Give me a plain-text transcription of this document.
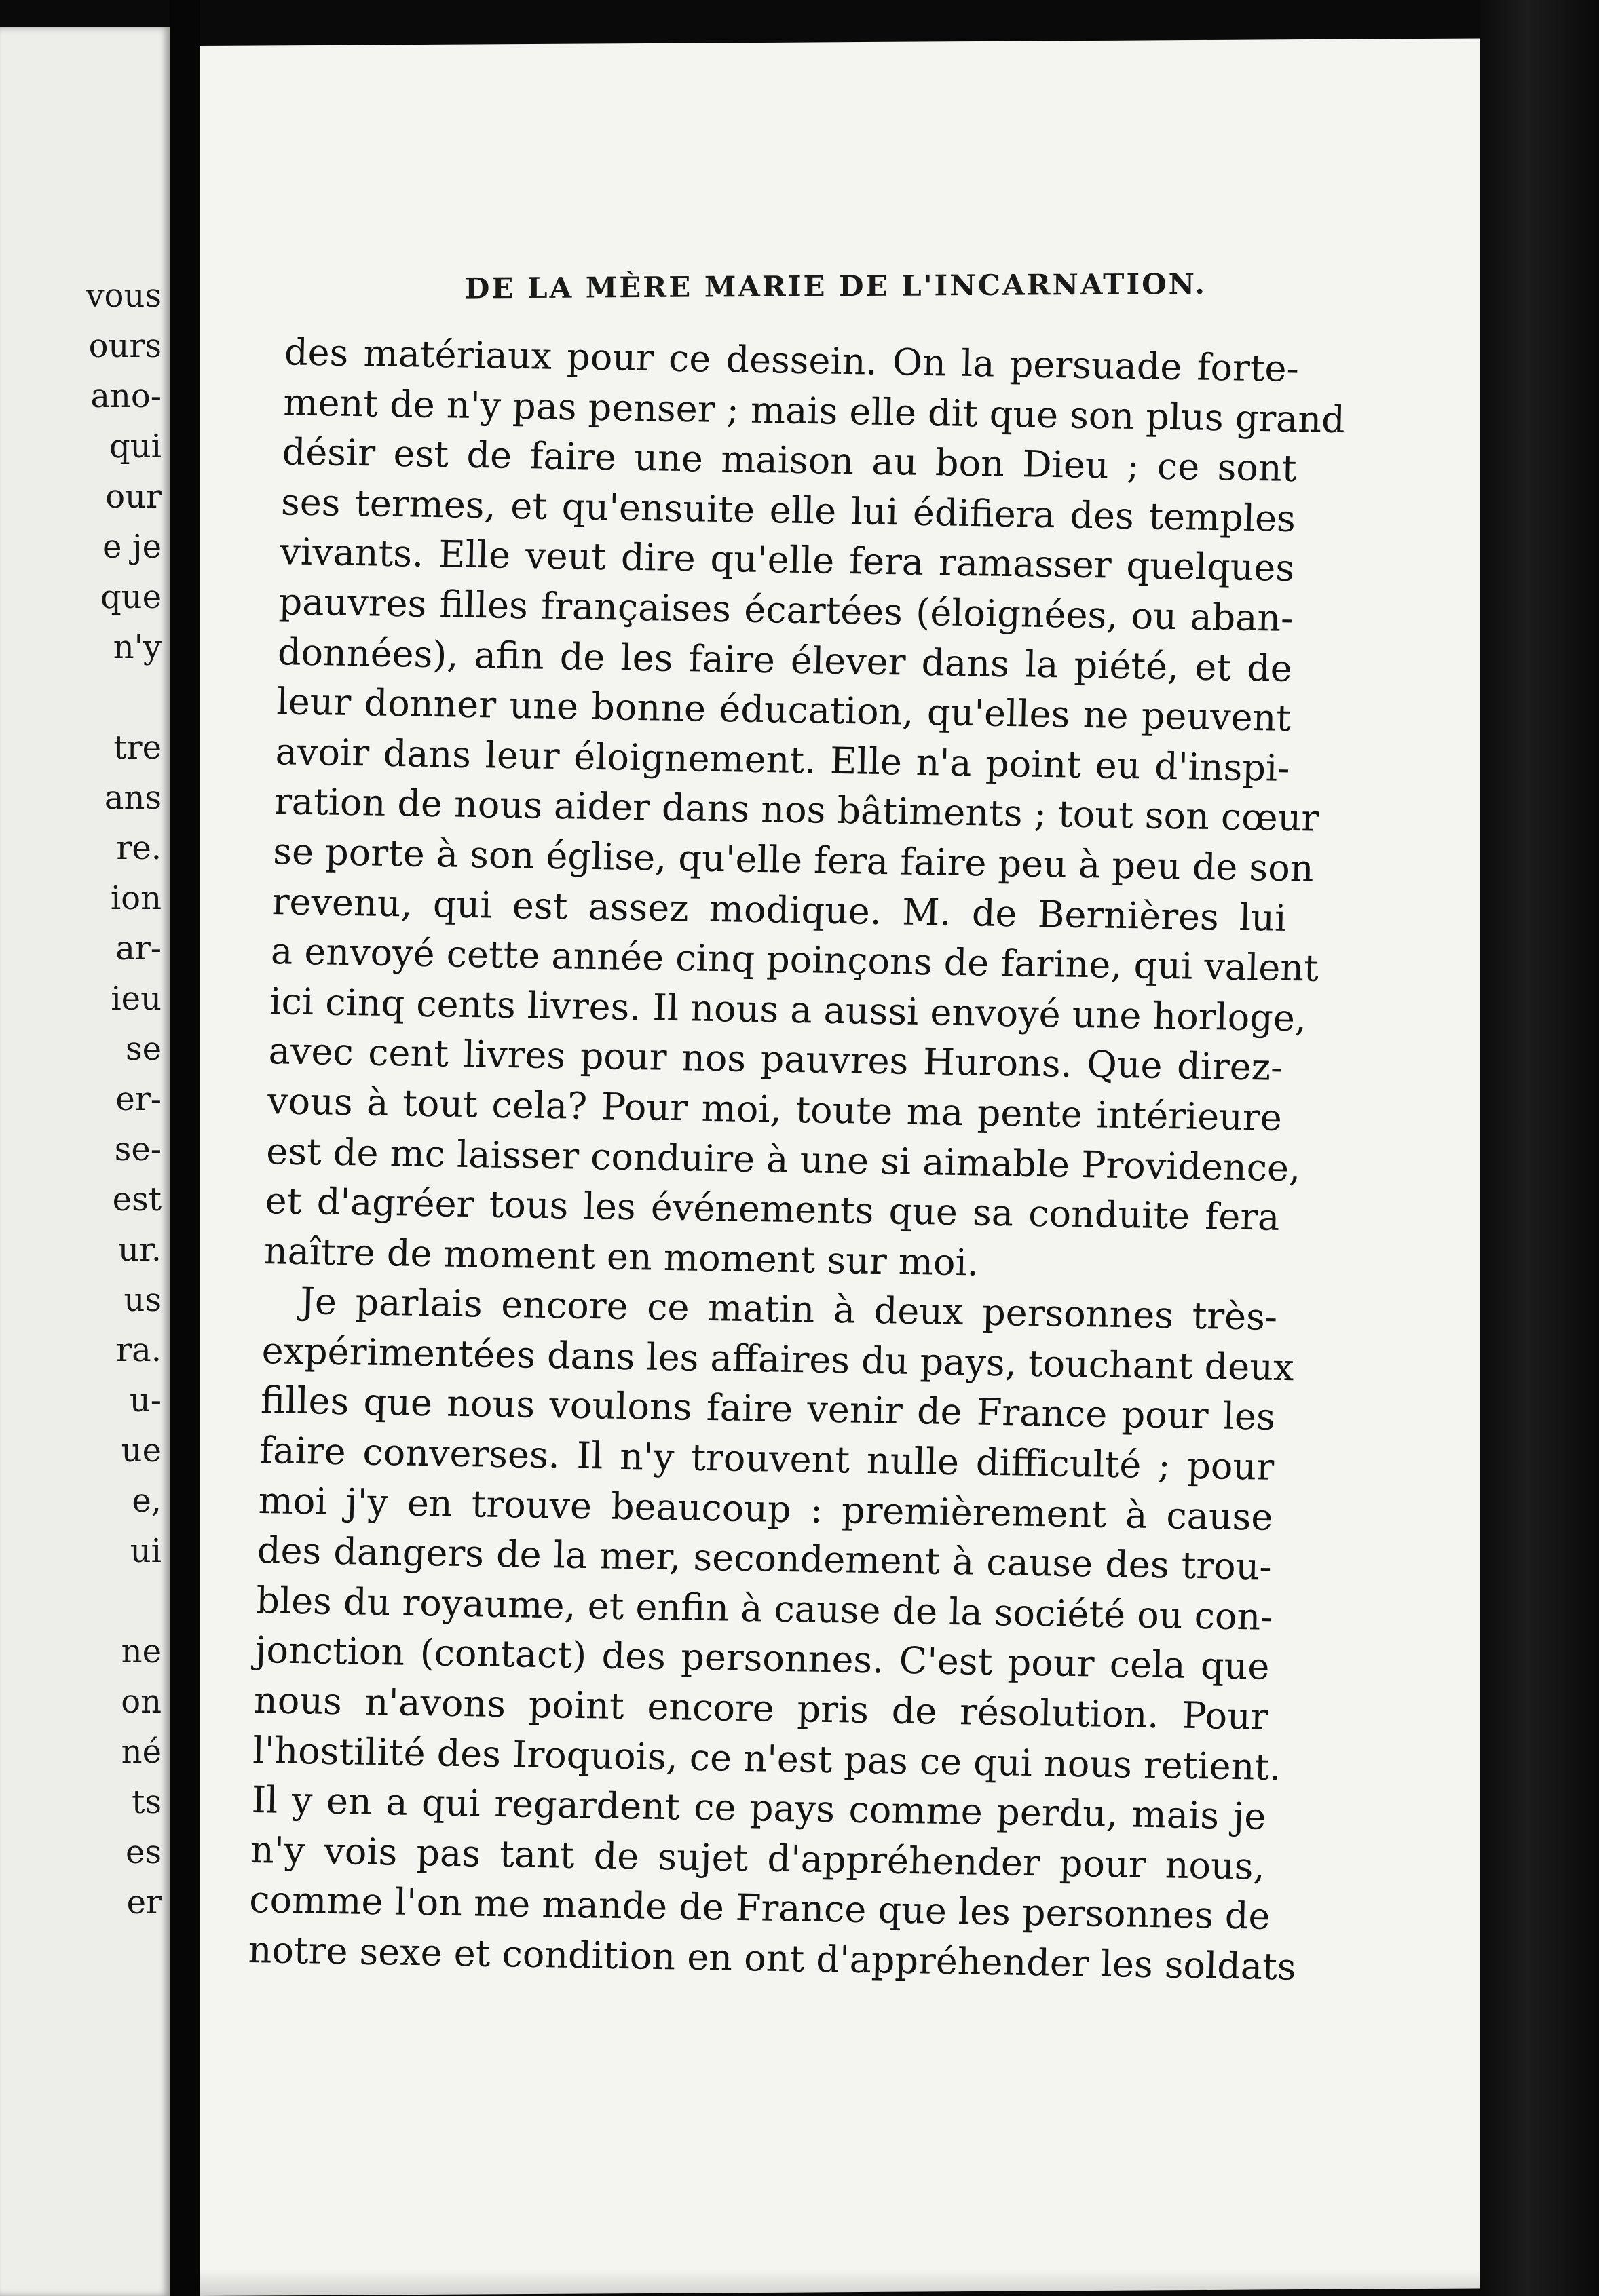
vous
ours
ano-
qui
our
e je
que
n'y
tre
ans
re.
ion
ar-
ieu
se
er-
se-
est
ur.
us
ra.
u-
ue
e,
ui
ne
on
né
ts
es
er
DE LA MÈRE MARIE DE L'INCARNATION.
des matériaux pour ce dessein. On la persuade forte-
ment de n'y pas penser ; mais elle dit que son plus grand
désir est de faire une maison au bon Dieu ; ce sont
ses termes, et qu'ensuite elle lui édifiera des temples
vivants. Elle veut dire qu'elle fera ramasser quelques
pauvres filles françaises écartées (éloignées, ou aban-
données), afin de les faire élever dans la piété, et de
leur donner une bonne éducation, qu'elles ne peuvent
avoir dans leur éloignement. Elle n'a point eu d'inspi-
ration de nous aider dans nos bâtiments ; tout son cœur
se porte à son église, qu'elle fera faire peu à peu de son
revenu, qui est assez modique. M. de Bernières lui
a envoyé cette année cinq poinçons de farine, qui valent
ici cinq cents livres. Il nous a aussi envoyé une horloge,
avec cent livres pour nos pauvres Hurons. Que direz-
vous à tout cela? Pour moi, toute ma pente intérieure
est de mc laisser conduire à une si aimable Providence,
et d'agréer tous les événements que sa conduite fera
naître de moment en moment sur moi.
Je parlais encore ce matin à deux personnes très-
expérimentées dans les affaires du pays, touchant deux
filles que nous voulons faire venir de France pour les
faire converses. Il n'y trouvent nulle difficulté ; pour
moi j'y en trouve beaucoup : premièrement à cause
des dangers de la mer, secondement à cause des trou-
bles du royaume, et enfin à cause de la société ou con-
jonction (contact) des personnes. C'est pour cela que
nous n'avons point encore pris de résolution. Pour
l'hostilité des Iroquois, ce n'est pas ce qui nous retient.
Il y en a qui regardent ce pays comme perdu, mais je
n'y vois pas tant de sujet d'appréhender pour nous,
comme l'on me mande de France que les personnes de
notre sexe et condition en ont d'appréhender les soldats
